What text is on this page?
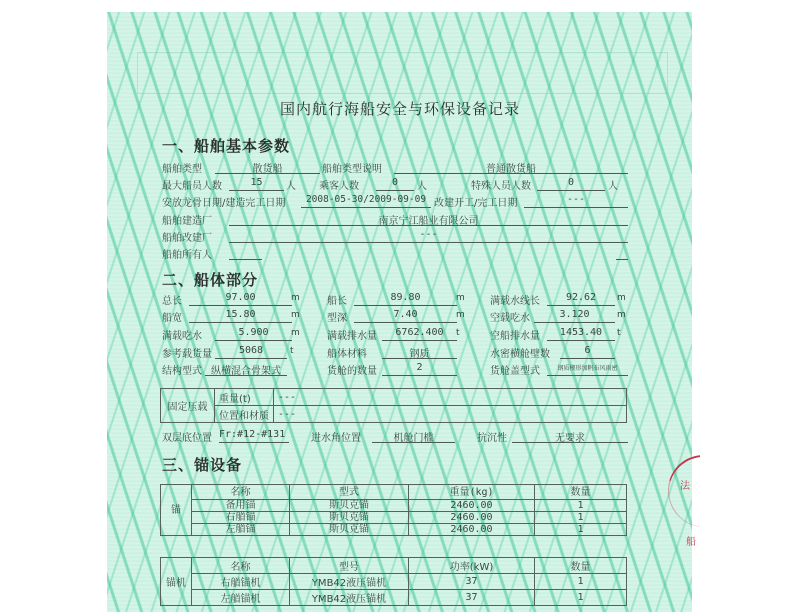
国内航行海船安全与环保设备记录
一、船舶基本参数
船舶类型	散货船	船舶类型说明	普通散货船
最大船员人数	15	人 乘客人数	0	人	特殊人员人数	0	人
安放龙骨日期/建造完工日期	2008-05-30/2009-09-09 改建开工/完工日期	---
船舶建造厂	南京宁江船业有限公司
船舶改建厂	---
船舶所有人
二、船体部分
总长	97.00	m	船长	89.80	m	满载水线长	92.62	m
船宽	15.80	m	型深	7.40	m	空载吃水	3.120	m
满载吃水	5.900	m	满载排水量	6762.400	t	空船排水量	1453.40	t
参考载货量	5068	t	船体材料	钢质	水密横舱壁数	6
结构型式 纵横混合骨架式	货舱的数量	2	货舱盖型式	钢质楔形加帆布风雨密
固定压载	重量(t)	---
	位置和材质	---
双层底位置 Fr:#12-#131	进水角位置	机舱门槛	抗沉性	无要求
三、锚设备
锚	名称	型式	重量(kg)	数量
	备用锚	斯贝克锚	2460.00	1
	右艏锚	斯贝克锚	2460.00	1
	左艏锚	斯贝克锚	2460.00	1
锚机	名称	型号	功率(kW)	数量
	右艏锚机	YMB42液压锚机	37	1
	左艏锚机	YMB42液压锚机	37	1
法
船
